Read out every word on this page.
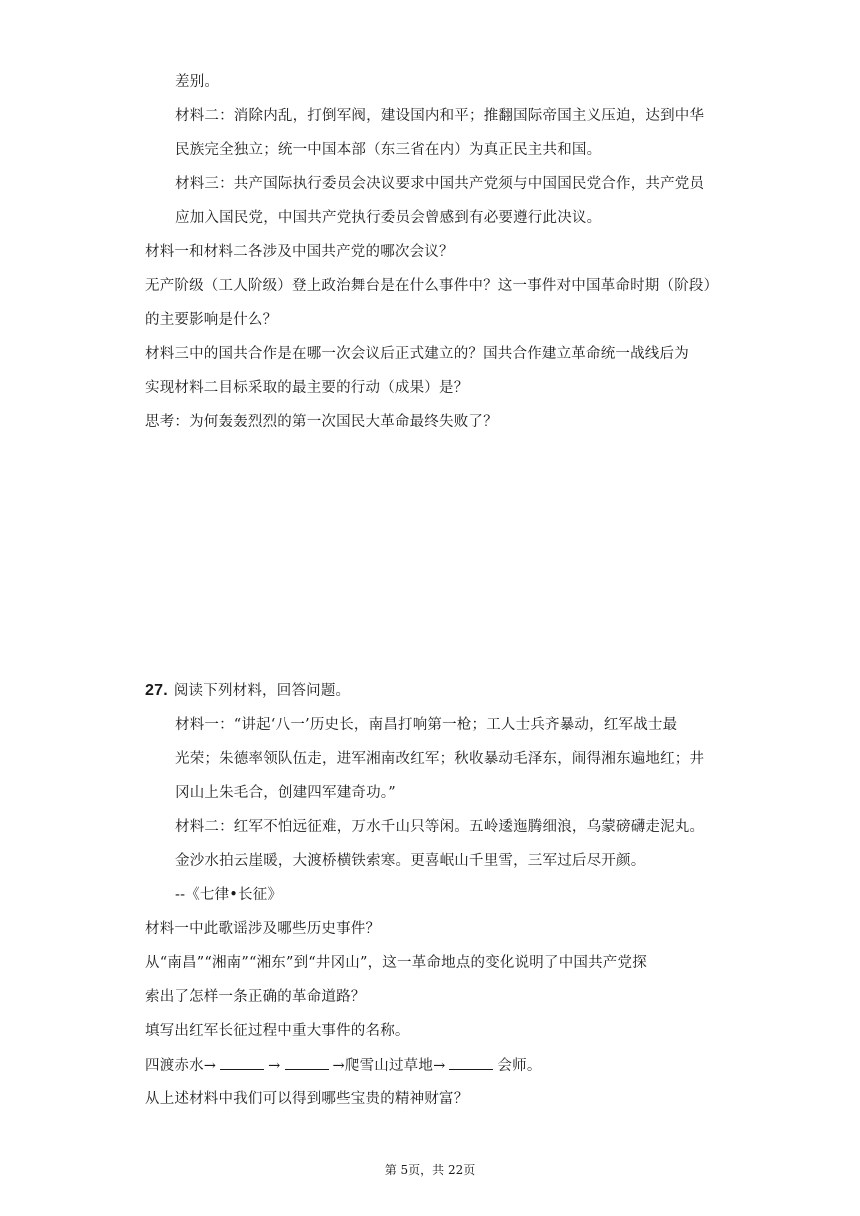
差别。
材料二：消除内乱，打倒军阀，建设国内和平；推翻国际帝国主义压迫，达到中华
民族完全独立；统一中国本部（东三省在内）为真正民主共和国。
材料三：共产国际执行委员会决议要求中国共产党须与中国国民党合作，共产党员
应加入国民党，中国共产党执行委员会曾感到有必要遵行此决议。
材料一和材料二各涉及中国共产党的哪次会议？
无产阶级（工人阶级）登上政治舞台是在什么事件中？这一事件对中国革命时期（阶段）
的主要影响是什么？
材料三中的国共合作是在哪一次会议后正式建立的？国共合作建立革命统一战线后为
实现材料二目标采取的最主要的行动（成果）是？
思考：为何轰轰烈烈的第一次国民大革命最终失败了？
27. 阅读下列材料，回答问题。
材料一：“讲起‘八一’历史长，南昌打响第一枪；工人士兵齐暴动，红军战士最
光荣；朱德率领队伍走，进军湘南改红军；秋收暴动毛泽东，闹得湘东遍地红；井
冈山上朱毛合，创建四军建奇功。”
材料二：红军不怕远征难，万水千山只等闲。五岭逶迤腾细浪，乌蒙磅礴走泥丸。
金沙水拍云崖暖，大渡桥横铁索寒。更喜岷山千里雪，三军过后尽开颜。
--《七律•长征》
材料一中此歌谣涉及哪些历史事件？
从“南昌”“湘南”“湘东”到“井冈山”，这一革命地点的变化说明了中国共产党探
索出了怎样一条正确的革命道路？
填写出红军长征过程中重大事件的名称。
四渡赤水→	→	→爬雪山过草地→	会师。
从上述材料中我们可以得到哪些宝贵的精神财富？
第 5页，共 22页
